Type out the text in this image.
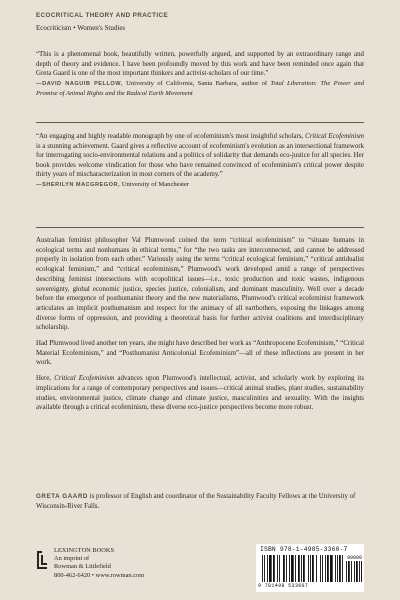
ECOCRITICAL THEORY AND PRACTICE
Ecocriticism • Women's Studies

“This is a phenomenal book, beautifully written, powerfully argued, and supported by an extraordinary range and depth of theory and evidence. I have been profoundly moved by this work and have been reminded once again that Greta Gaard is one of the most important thinkers and activist-scholars of our time.”

—DAVID NAGUIB PELLOW, University of California, Santa Barbara, author of Total Liberation: The Power and Promise of Animal Rights and the Radical Earth Movement

“An engaging and highly readable monograph by one of ecofeminism's most insightful scholars, Critical Ecofeminism is a stunning achievement. Gaard gives a reflective account of ecofeminism's evolution as an intersectional framework for interrogating socio-environmental relations and a politics of solidarity that demands eco-justice for all species. Her book provides welcome vindication for those who have remained convinced of ecofeminism's critical power despite thirty years of mischaracterization in most corners of the academy.”

—SHERILYN MACGREGOR, University of Manchester

Australian feminist philosopher Val Plumwood coined the term “critical ecofeminism” to “situate humans in ecological terms and nonhumans in ethical terms,” for “the two tasks are interconnected, and cannot be addressed properly in isolation from each other.” Variously using the terms “critical ecological feminism,” “critical antidualist ecological feminism,” and “critical ecofeminism,” Plumwood's work developed amid a range of perspectives describing feminist intersections with ecopolitical issues—i.e., toxic production and toxic wastes, indigenous sovereignty, global economic justice, species justice, colonialism, and dominant masculinity. Well over a decade before the emergence of posthumanist theory and the new materialisms, Plumwood's critical ecofeminist framework articulates an implicit posthumanism and respect for the animacy of all earthothers, exposing the linkages among diverse forms of oppression, and providing a theoretical basis for further activist coalitions and interdisciplinary scholarship.

Had Plumwood lived another ten years, she might have described her work as “Anthropocene Ecofeminism,” “Critical Material Ecofeminism,” and “Posthumanist Anticolonial Ecofeminism”—all of these inflections are present in her work.

Here, Critical Ecofeminism advances upon Plumwood's intellectual, activist, and scholarly work by exploring its implications for a range of contemporary perspectives and issues—critical animal studies, plant studies, sustainability studies, environmental justice, climate change and climate justice, masculinities and sexuality. With the insights available through a critical ecofeminism, these diverse eco-justice perspectives become more robust.

GRETA GAARD is professor of English and coordinator of the Sustainability Faculty Fellows at the University of Wisconsin-River Falls.
LEXINGTON BOOKS
An imprint of
Rowman & Littlefield
800-462-6420 • www.rowman.com
ISBN 978-1-4985-3360-7
90000
9 781498 533607
